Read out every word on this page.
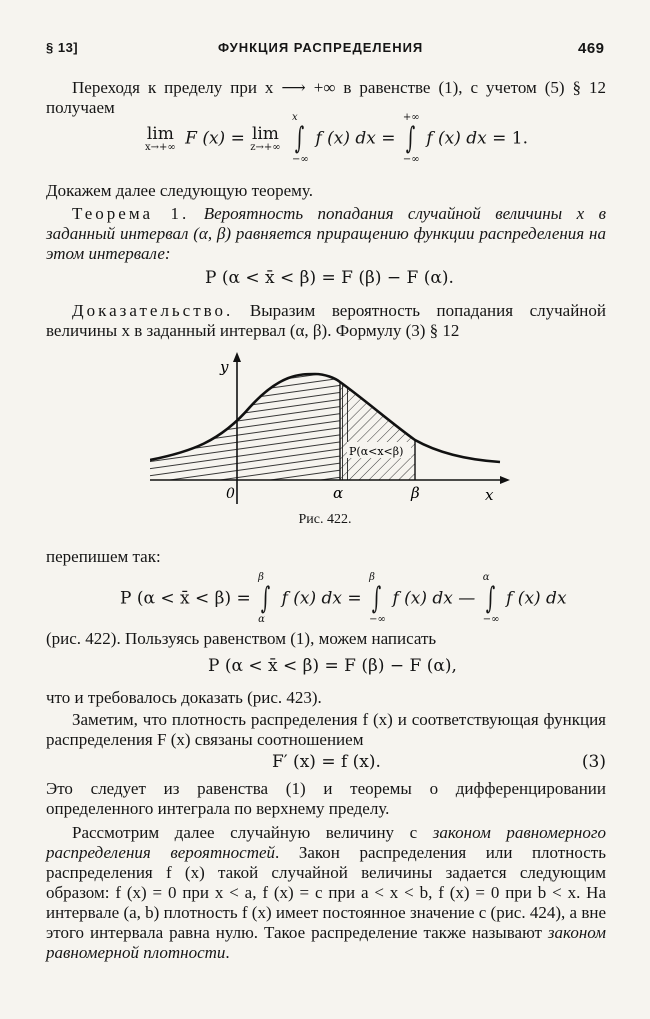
§ 13]	ФУНКЦИЯ РАСПРЕДЕЛЕНИЯ	469

Переходя к пределу при x ⟶ +∞ в равенстве (1), с учетом (5) § 12 получаем

lim
x→+∞ F (x) = lim
z→+∞

x
∫
−∞
f (x) dx =
+∞
∫
−∞
f (x) dx = 1.

Докажем далее следующую теорему.

Теорема 1. Вероятность попадания случайной величины x в заданный интервал (α, β) равняется приращению функции распределения на этом интервале:

P (α < x̄ < β) = F (β) − F (α).

Доказательство. Выразим вероятность попадания случайной величины x в заданный интервал (α, β). Формулу (3) § 12

P(α<x<β)
y
x
0	α	β
Рис. 422.

перепишем так:

P (α < x̄ < β) =
β
∫
α
f (x) dx =
β
∫
−∞
f (x) dx —
α
∫
−∞
f (x) dx

(рис. 422). Пользуясь равенством (1), можем написать

P (α < x̄ < β) = F (β) − F (α),

что и требовалось доказать (рис. 423).

Заметим, что плотность распределения f (x) и соответствующая функция распределения F (x) связаны соотношением

F′ (x) = f (x).	(3)

Это следует из равенства (1) и теоремы о дифференцировании определенного интеграла по верхнему пределу.

Рассмотрим далее случайную величину с законом равномерного распределения вероятностей. Закон распределения или плотность распределения f (x) такой случайной величины задается следующим образом: f (x) = 0 при x < a, f (x) = c при a < x < b, f (x) = 0 при b < x. На интервале (a, b) плотность f (x) имеет постоянное значение c (рис. 424), а вне этого интервала равна нулю. Такое распределение также называют законом равномерной плотности.
